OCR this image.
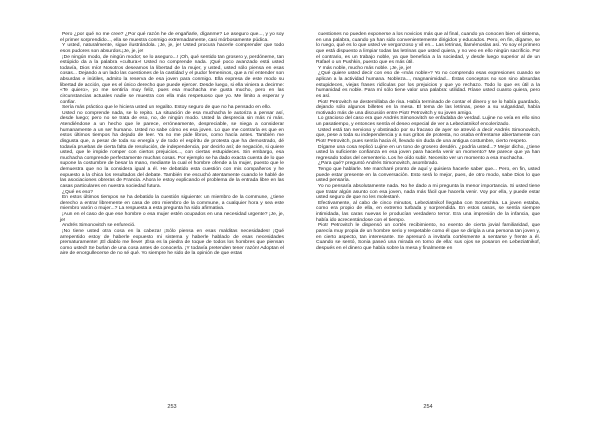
Pero ¿por qué no me cree? ¿Por qué razón he de engañarle, díganme? Le aseguro que..., y yo soy el primer sorprendido..., ella se muestra conmigo extremadamente, casi mórbosamente púdica.

Y usted, naturalmente, sigue ilustrándola. ¡Je, je, je! Usted procura hacerle comprender que todo esos pudores son absurdos.¡Je, je, je!

¡De ningún modo, de ningún modo!; se lo aseguro...! ¡Oh, qué sentido tan grosero y, perdóneme, tan estúpido da a la palabra «cultura»! Usted no comprende nada. ¡Qué poco avanzado está usted todavía, Dios mío! Nosotros deseamos la libertad de la mujer, y usted, usted sólo piensa en esas cosas... Dejando a un lado las cuestiones de la castidad y el pudor femeninos, que a mí entender son absurdas e inútiles, admito la reserva de esa joven para conmigo. Ella expresa de este modo su libertad de acción, que es el único derecho que puede ejercer. Desde luego, si ella viniera a decirme: «Te quiero», yo me sentiría muy feliz, pues esa muchacha me gusta mucho, pero en las circunstancias actuales nadie se muestra con ella más respetuoso que yo. Me limito a esperar y confiar.

Sería más práctico que le hiciera usted un regalito. Estoy seguro de que no ha pensado en ello.

Usted no comprende nada, se lo repito. La situación de esa muchacha le autoriza a pensar así, desde luego; pero no se trata de eso, no, de ningún modo. Usted la desprecia sin más ni más. Atendiéndose a un hecho que le parece, erróneamente, despreciable, se niega a considerar humanamente a un ser humano. Usted no sabe cómo es esa joven. Lo que me contraría es que en estos últimos tiempos ha dejado de leer. Ya no me pide libros, como hacía antes. También me disgusta que, a pesar de toda su energía y de todo el espíritu de protesta que ha demostrado, dé todavía pruebas de cierta falta de resolución, de independencia, por decirlo así; de negación, si quiere usted, que le impide romper con ciertos prejuicios..., con ciertas estupideces. Sin embargo, esa muchacha comprende perfectamente muchas cosas. Por ejemplo se ha dado exacta cuenta de lo que supone la costumbre de besar la mano, mediante la cual el hombre ofende a la mujer, puesto que le demuestra que no la considera igual a él. He debatido esta cuestión con mis compañeros y he expuesto a la chica los resultados del debate. También me escuchó atentamente cuando le hablé de las asociaciones obreras de Francia. Ahora le estoy explicando el problema de la entrada libre en las casas particulares en nuestra sociedad futura.

¿Qué es eso?

En estos últimos tiempos se ha debatido la cuestión siguiente: un miembro de la commune, ¿tiene derecho a entrar libremente en casa de otro miembro de la commune, a cualquier hora y sea este miembro varón o mujer...? La respuesta a esta pregunta ha sido afirmativa.

¡Aun en el caso de que ese hombre o esa mujer estén ocupados en una necesidad urgente? ¡Je, je, je!

Andrés Simonovitch se enfureció.

¡No tiene usted otra cosa en la cabeza! ¡Sólo piensa en esas malditas necesidades! ¡Qué arrepentido estoy de haberle expuesto mi sistema y haberle hablado de esas necesidades prematuramente! ¡El diablo me lleve! ¡Ésa es la piedra de toque de todos los hombres que piensan como usted! Se burlan de una cosa antes de conocerla. ¡Y todavía pretenden tener razón! Adoptan el aire de enorgullecerse de no sé qué. Yo siempre he sido de la opinión de que estas

253

cuestiones no pueden exponerse a los novicios más que al final, cuando ya conocen bien el sistema, en una palabra, cuando ya han sido convenientemente dirigidos y educados. Pero, en fin, dígame, se lo ruego, qué es lo que usted ve vergonzoso y vil en... Las letrinas, llamémoslas así. Yo soy el primero que está dispuesto a limpiar todas las letrinas que usted quiera, y no veo en ello ningún sacrificio. Por el contrario, es un trabajo noble, ya que beneficia a la sociedad, y desde luego superior al de un Rafael o un Pushkin, puesto que es más útil.

Y más noble, mucho más noble. ¡Je, je, je!

¿Qué quiere usted decir con eso de «más noble»? Yo no comprendo esas expresiones cuando se aplican a la actividad humana. Nobleza..., magnanimidad... Éstas conceptos no son sino absurdas estupideces, viejas frases ridículas por los prejuicios y que yo rechazo. Todo lo que es útil a la humanidad es noble. Para mí sólo tiene valor una palabra: utilidad. Ríase usted cuanto quiera, pero es así.

Piotr Petrovitch se desternillaba de risa. Había terminado de contar el dinero y se lo había guardado, dejando sólo algunos billetes en la mesa. El tema de las letrinas, pese a su vulgaridad, había motivado más de una discusión entre Piotr Petrovitch y su joven amigo.

Lo gracioso del caso era que Andrés Simonovitch se enfadaba de verdad. Lujine no veía en ello sino un pasatiempo, y entonces sentía el deseo especial de ver a Lebeziatnikof encolerizado.

Usted está tan nervioso y obstinado por su fracaso de ayer se atrevió a decir Andrés Simonovitch, que, pese a toda su independencia y a sus gritos de protesta, no osaba enfrentarse abiertamente con Piotr Petrovitch, pues sentía hacia él, llevado sin duda de una antigua costumbre, cierto respeto.

Dígame una cosa replicó Lujine en un tono de grosero desdén. ¿podría usted...? Mejor dicho, ¿tiene usted la suficiente confianza en esa joven para hacerla venir un momento? Me parece que ya han regresado todos del cementerio. Los he oído subir. Necesito ver un momento a esa muchacha.

¿Para qué? preguntó Andrés Simonovitch, asombrado.

Tengo que hablarle. Me marcharé pronto de aquí y quisiera hacerle saber que... Pero, en fin, usted puede estar presente en la conversación. Esto será lo mejor, pues, de otro modo, sabe Dios lo que usted pensaría.

Yo no pensaría absolutamente nada. No he dado a mi pregunta la menor importancia. Si usted tiene que tratar algún asunto con esa joven, nada más fácil que hacerla venir. Voy por ella, y puede estar usted seguro de que no les molestaré.

Efectivamente, al cabo de cinco minutos, Lebeziatnikof llegaba con Sonetchka. La joven estaba, como era propio de ella, en extremo turbada y sorprendida. En estos casos, se sentía siempre intimidada, las caras nuevas le producían verdadero terror. Era una impresión de la infancia, que había ido acrecentándose con el tiempo.

Piotr Petrovitch le dispensó un cortés recibimiento, no exento de cierta jovial familiaridad, que parecía muy propia de un hombre serio y respetable como él que se dirigía a una persona tan joven y, en cierto aspecto, tan interesante. Se apresuró a invitarla cortésmente a sentarse y frente a él. Cuando se sentó, Sonia paseó una mirada en torno de ella: sus ojos se posaron en Lebeziatnikof, después en el dinero que había sobre la mesa y finalmente en

254
